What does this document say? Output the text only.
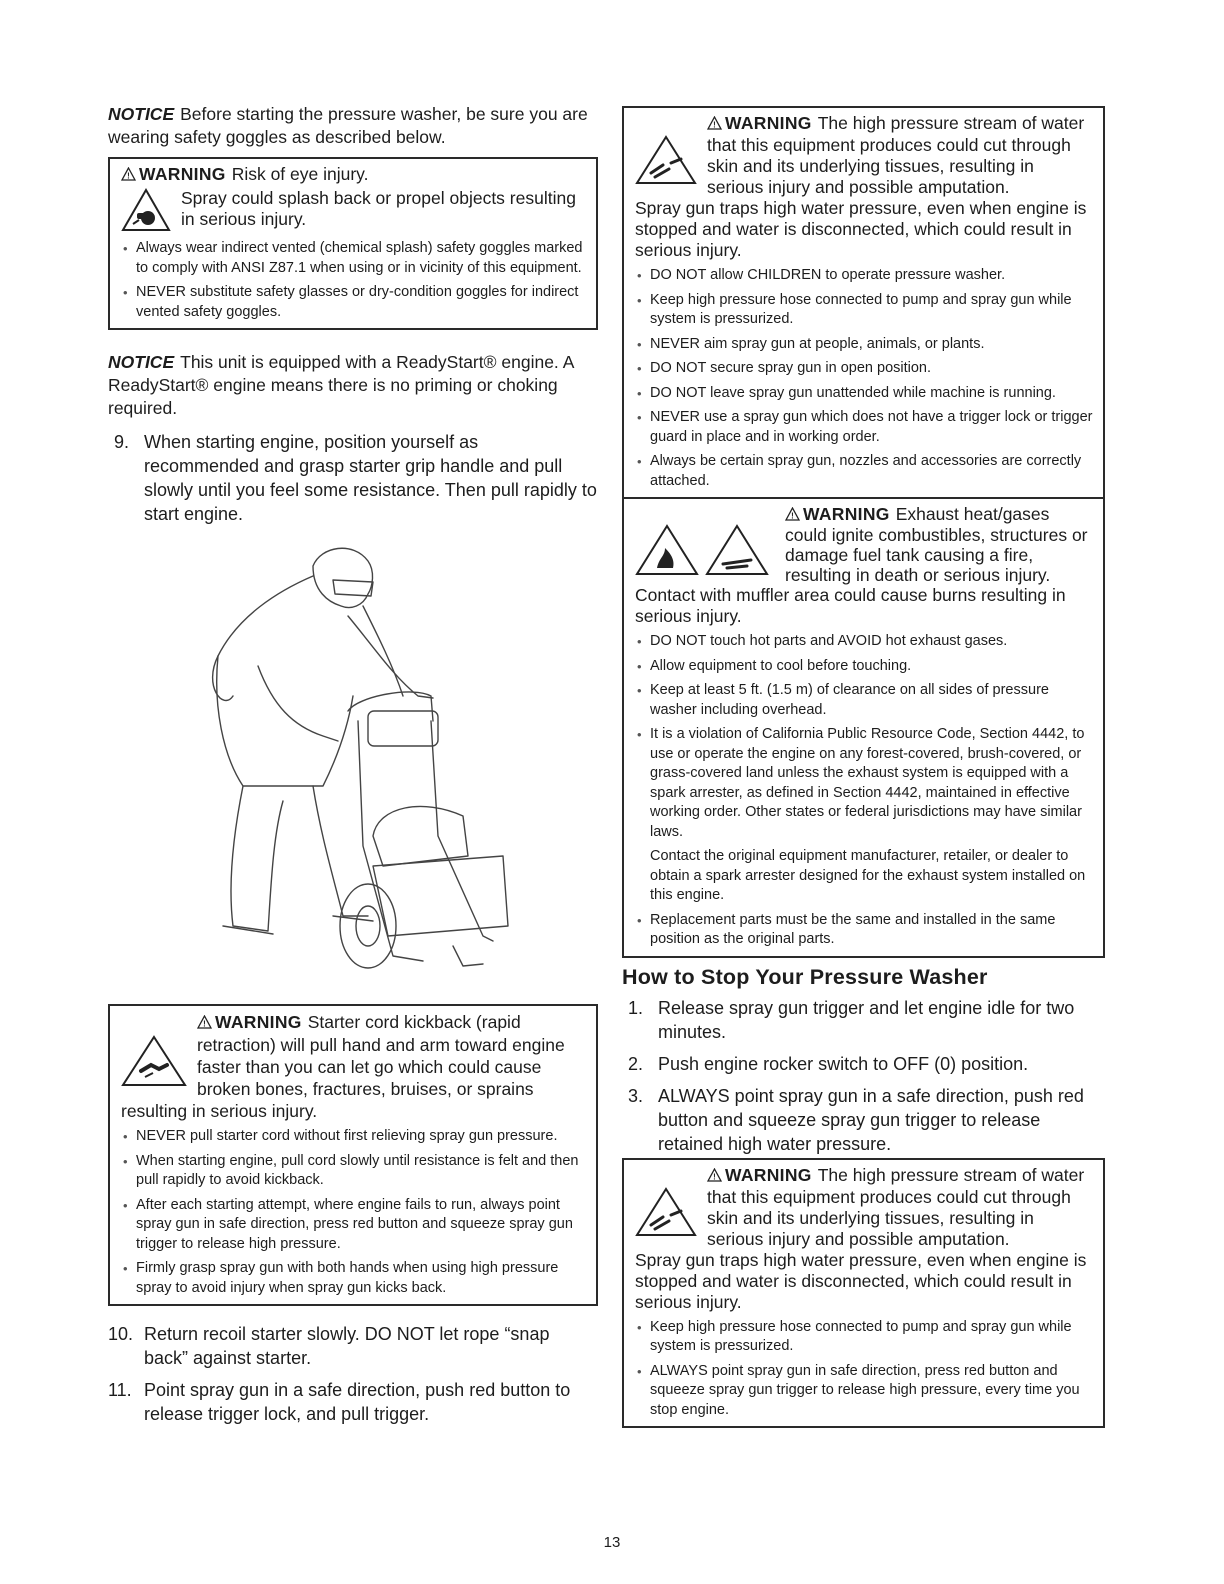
NOTICE Before starting the pressure washer, be sure you are wearing safety goggles as described below.

! WARNING Risk of eye injury.
Spray could splash back or propel objects resulting in serious injury.
• Always wear indirect vented (chemical splash) safety goggles marked to comply with ANSI Z87.1 when using or in vicinity of this equipment.
• NEVER substitute safety glasses or dry-condition goggles for indirect vented safety goggles.

NOTICE This unit is equipped with a ReadyStart® engine. A ReadyStart® engine means there is no priming or choking required.

9. When starting engine, position yourself as recommended and grasp starter grip handle and pull slowly until you feel some resistance. Then pull rapidly to start engine.
! WARNING Starter cord kickback (rapid retraction) will pull hand and arm toward engine faster than you can let go which could cause broken bones, fractures, bruises, or sprains resulting in serious injury.
• NEVER pull starter cord without first relieving spray gun pressure.
• When starting engine, pull cord slowly until resistance is felt and then pull rapidly to avoid kickback.
• After each starting attempt, where engine fails to run, always point spray gun in safe direction, press red button and squeeze spray gun trigger to release high pressure.
• Firmly grasp spray gun with both hands when using high pressure spray to avoid injury when spray gun kicks back.
10. Return recoil starter slowly. DO NOT let rope “snap back” against starter.
11. Point spray gun in a safe direction, push red button to release trigger lock, and pull trigger.
! WARNING The high pressure stream of water that this equipment produces could cut through skin and its underlying tissues, resulting in serious injury and possible amputation.
Spray gun traps high water pressure, even when engine is stopped and water is disconnected, which could result in serious injury.
• DO NOT allow CHILDREN to operate pressure washer.
• Keep high pressure hose connected to pump and spray gun while system is pressurized.
• NEVER aim spray gun at people, animals, or plants.
• DO NOT secure spray gun in open position.
• DO NOT leave spray gun unattended while machine is running.
• NEVER use a spray gun which does not have a trigger lock or trigger guard in place and in working order.
• Always be certain spray gun, nozzles and accessories are correctly attached.
! WARNING Exhaust heat/gases could ignite combustibles, structures or damage fuel tank causing a fire, resulting in death or serious injury.
Contact with muffler area could cause burns resulting in serious injury.
• DO NOT touch hot parts and AVOID hot exhaust gases.
• Allow equipment to cool before touching.
• Keep at least 5 ft. (1.5 m) of clearance on all sides of pressure washer including overhead.
• It is a violation of California Public Resource Code, Section 4442, to use or operate the engine on any forest-covered, brush-covered, or grass-covered land unless the exhaust system is equipped with a spark arrester, as defined in Section 4442, maintained in effective working order. Other states or federal jurisdictions may have similar laws.
Contact the original equipment manufacturer, retailer, or dealer to obtain a spark arrester designed for the exhaust system installed on this engine.
• Replacement parts must be the same and installed in the same position as the original parts.
How to Stop Your Pressure Washer
1. Release spray gun trigger and let engine idle for two minutes.
2. Push engine rocker switch to OFF (0) position.
3. ALWAYS point spray gun in a safe direction, push red button and squeeze spray gun trigger to release retained high water pressure.
! WARNING The high pressure stream of water that this equipment produces could cut through skin and its underlying tissues, resulting in serious injury and possible amputation.
Spray gun traps high water pressure, even when engine is stopped and water is disconnected, which could result in serious injury.
• Keep high pressure hose connected to pump and spray gun while system is pressurized.
• ALWAYS point spray gun in safe direction, press red button and squeeze spray gun trigger to release high pressure, every time you stop engine.
13
